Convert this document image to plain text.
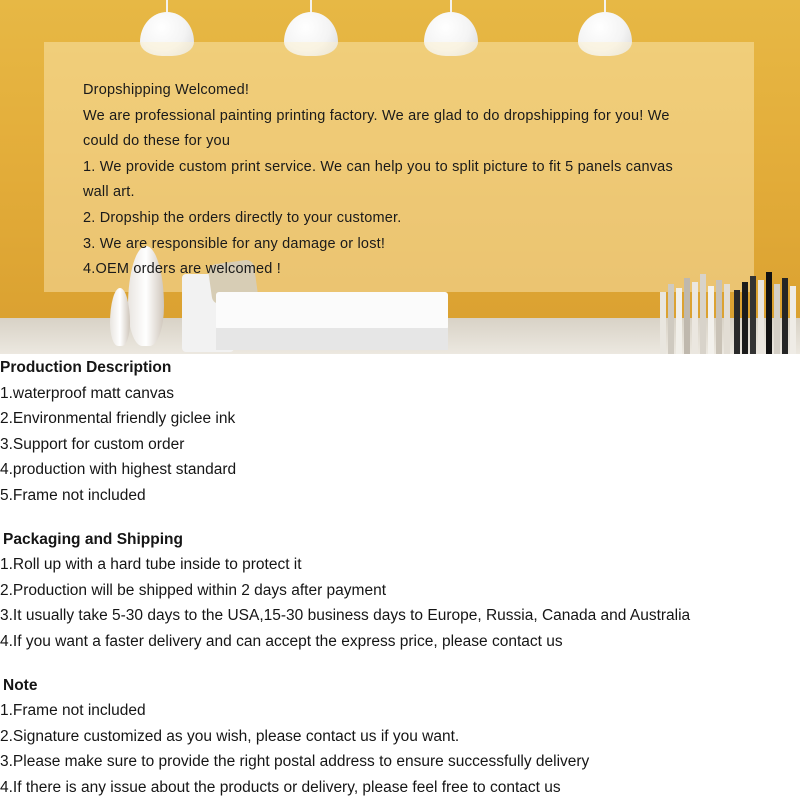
Dropshipping Welcomed!
We are professional painting printing factory. We are glad to do dropshipping for you! We
could do these for you
1. We provide custom print service. We can help you to split picture to fit 5 panels canvas
wall art.
2. Dropship the orders directly to your customer.
3. We are responsible for any damage or lost!
4.OEM orders are welcomed !
Production Description
1.waterproof matt canvas
2.Environmental friendly giclee ink
3.Support for custom order
4.production with highest standard
5.Frame not included
Packaging and Shipping
1.Roll up with a hard tube inside to protect it
2.Production will be shipped within 2 days after payment
3.It usually take 5-30 days to the USA,15-30 business days to Europe, Russia, Canada and Australia
4.If you want a faster delivery and can accept the express price, please contact us
Note
1.Frame not included
2.Signature customized as you wish, please contact us if you want.
3.Please make sure to provide the right postal address to ensure successfully delivery
4.If there is any issue about the products or delivery, please feel free to contact us
